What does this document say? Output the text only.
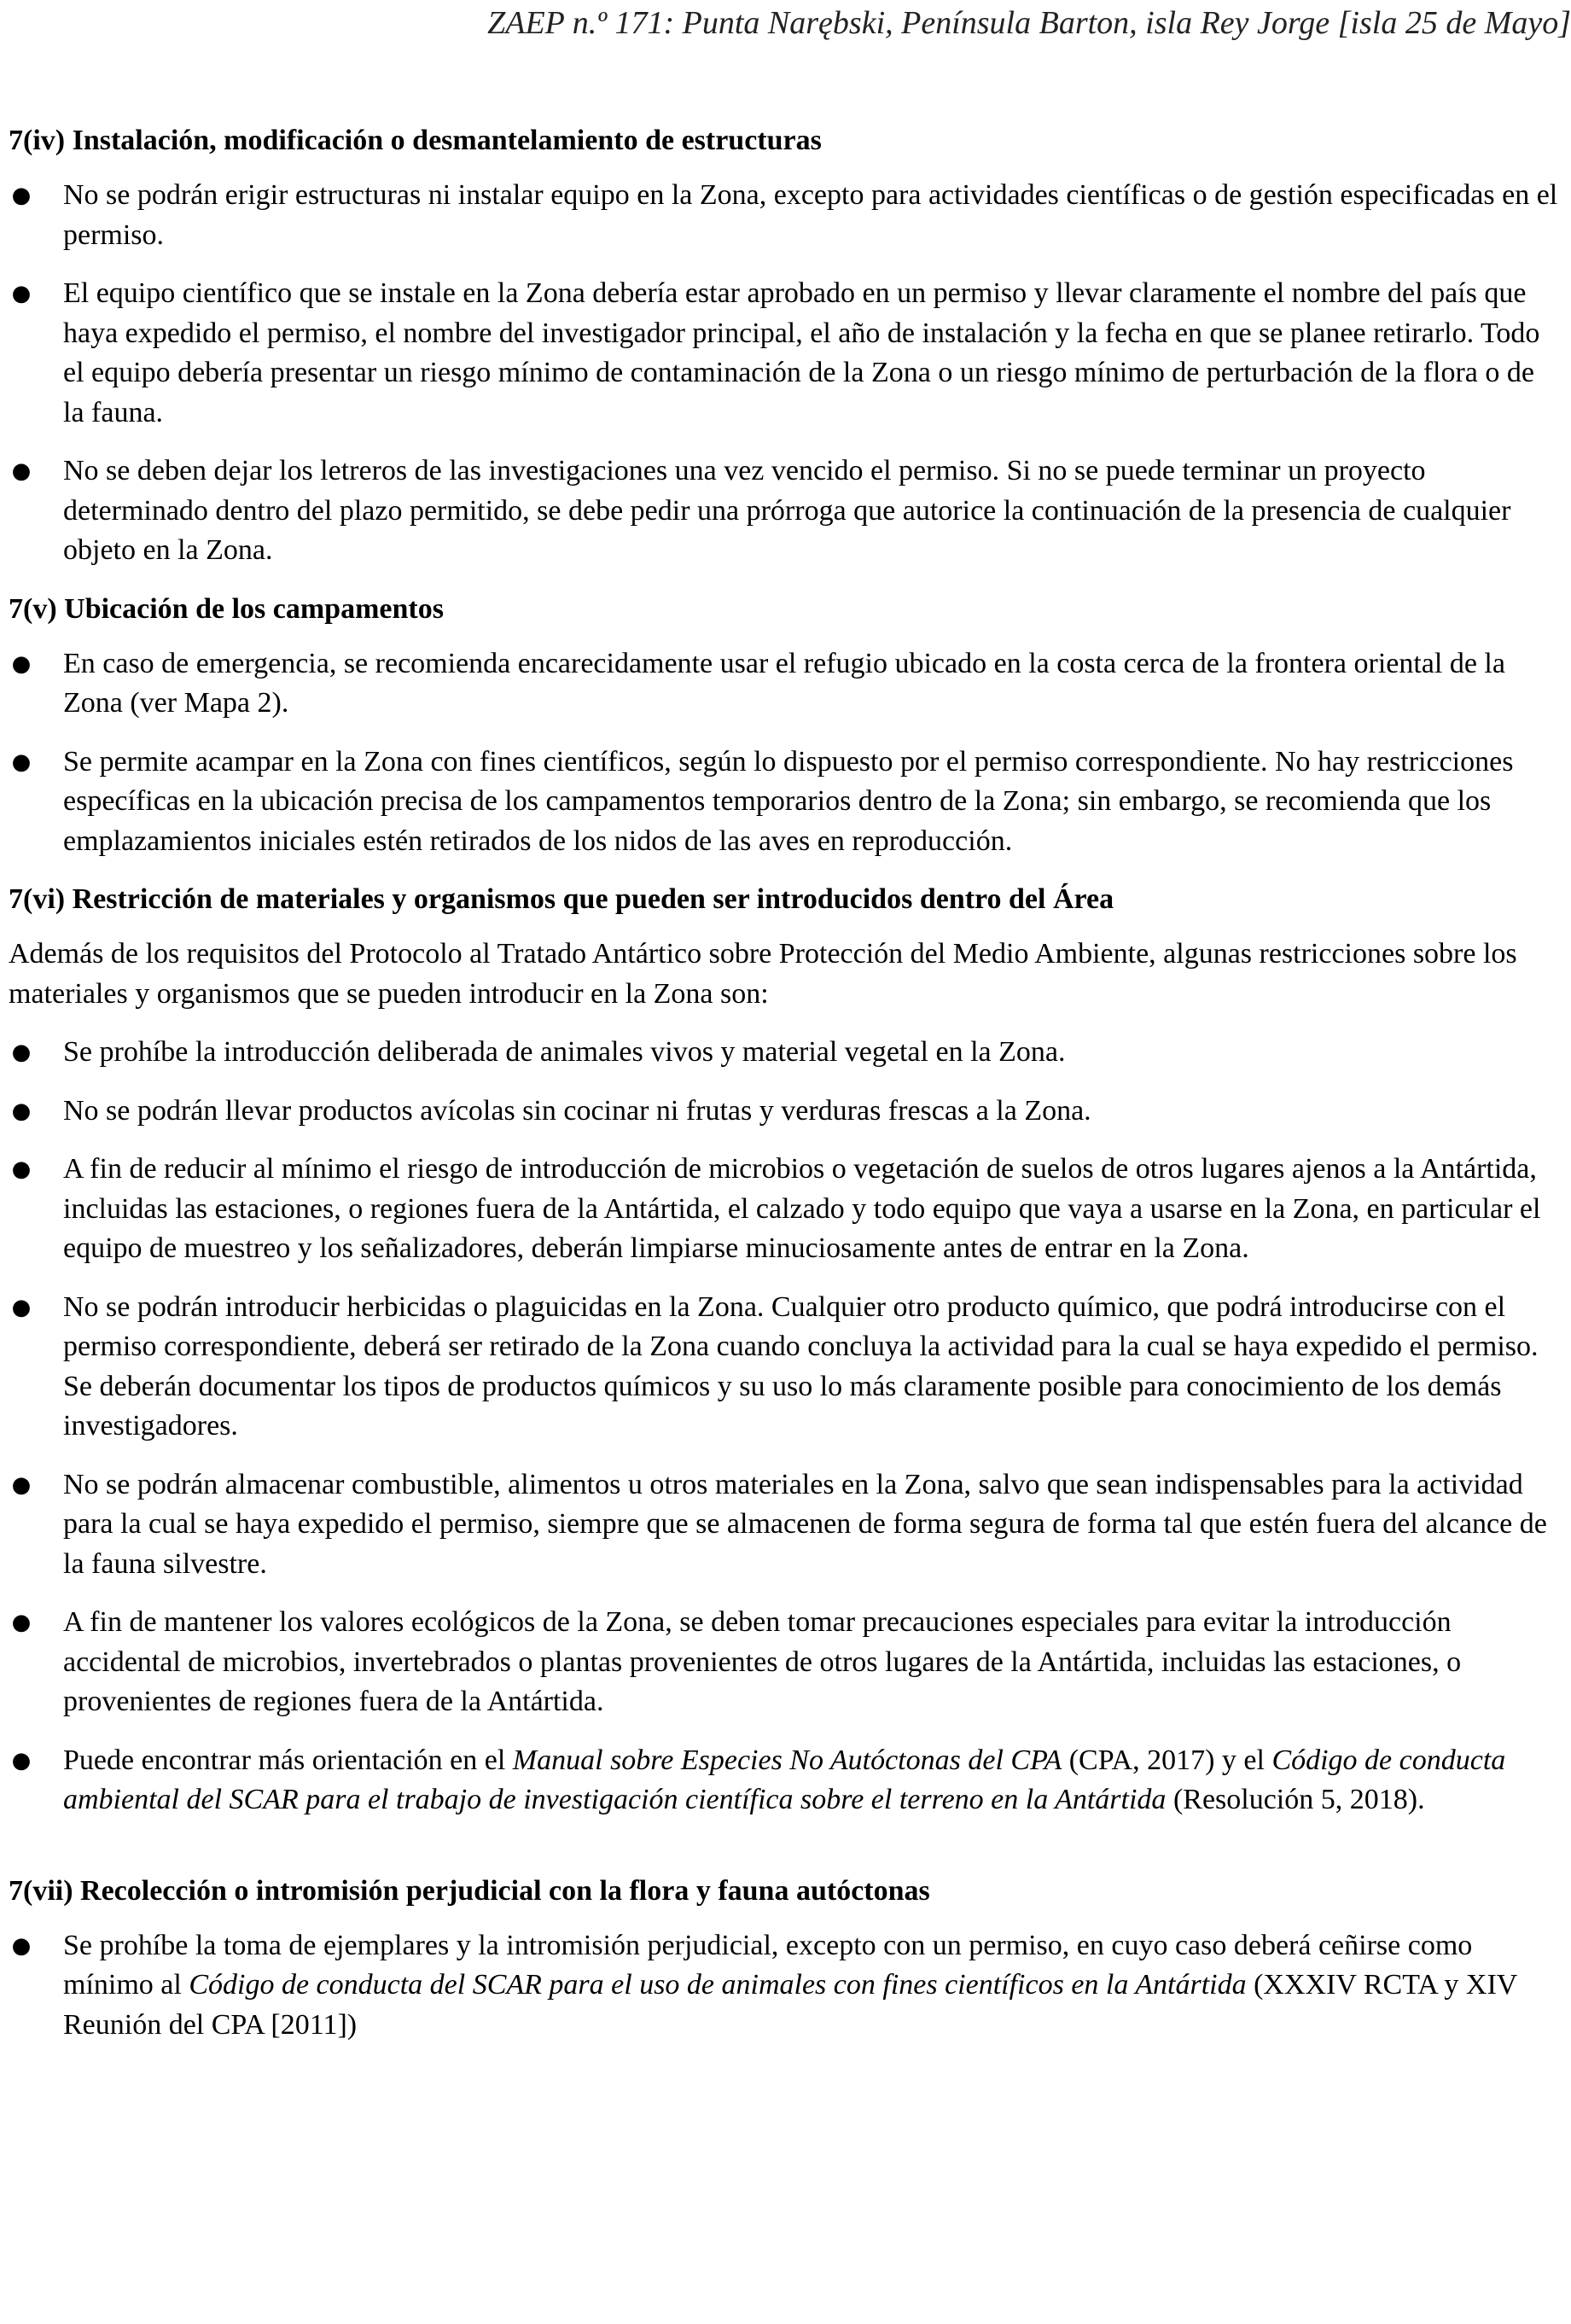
ZAEP n.º 171: Punta Narębski, Península Barton, isla Rey Jorge [isla 25 de Mayo]
7(iv) Instalación, modificación o desmantelamiento de estructuras
● No se podrán erigir estructuras ni instalar equipo en la Zona, excepto para actividades científicas o de gestión especificadas en el permiso.
● El equipo científico que se instale en la Zona debería estar aprobado en un permiso y llevar claramente el nombre del país que haya expedido el permiso, el nombre del investigador principal, el año de instalación y la fecha en que se planee retirarlo. Todo el equipo debería presentar un riesgo mínimo de contaminación de la Zona o un riesgo mínimo de perturbación de la flora o de la fauna.
● No se deben dejar los letreros de las investigaciones una vez vencido el permiso. Si no se puede terminar un proyecto determinado dentro del plazo permitido, se debe pedir una prórroga que autorice la continuación de la presencia de cualquier objeto en la Zona.
7(v) Ubicación de los campamentos
● En caso de emergencia, se recomienda encarecidamente usar el refugio ubicado en la costa cerca de la frontera oriental de la Zona (ver Mapa 2).
● Se permite acampar en la Zona con fines científicos, según lo dispuesto por el permiso correspondiente. No hay restricciones específicas en la ubicación precisa de los campamentos temporarios dentro de la Zona; sin embargo, se recomienda que los emplazamientos iniciales estén retirados de los nidos de las aves en reproducción.
7(vi) Restricción de materiales y organismos que pueden ser introducidos dentro del Área

Además de los requisitos del Protocolo al Tratado Antártico sobre Protección del Medio Ambiente, algunas restricciones sobre los materiales y organismos que se pueden introducir en la Zona son:

● Se prohíbe la introducción deliberada de animales vivos y material vegetal en la Zona.
● No se podrán llevar productos avícolas sin cocinar ni frutas y verduras frescas a la Zona.
● A fin de reducir al mínimo el riesgo de introducción de microbios o vegetación de suelos de otros lugares ajenos a la Antártida, incluidas las estaciones, o regiones fuera de la Antártida, el calzado y todo equipo que vaya a usarse en la Zona, en particular el equipo de muestreo y los señalizadores, deberán limpiarse minuciosamente antes de entrar en la Zona.
● No se podrán introducir herbicidas o plaguicidas en la Zona. Cualquier otro producto químico, que podrá introducirse con el permiso correspondiente, deberá ser retirado de la Zona cuando concluya la actividad para la cual se haya expedido el permiso. Se deberán documentar los tipos de productos químicos y su uso lo más claramente posible para conocimiento de los demás investigadores.
● No se podrán almacenar combustible, alimentos u otros materiales en la Zona, salvo que sean indispensables para la actividad para la cual se haya expedido el permiso, siempre que se almacenen de forma segura de forma tal que estén fuera del alcance de la fauna silvestre.
● A fin de mantener los valores ecológicos de la Zona, se deben tomar precauciones especiales para evitar la introducción accidental de microbios, invertebrados o plantas provenientes de otros lugares de la Antártida, incluidas las estaciones, o provenientes de regiones fuera de la Antártida.
● Puede encontrar más orientación en el Manual sobre Especies No Autóctonas del CPA (CPA, 2017) y el Código de conducta ambiental del SCAR para el trabajo de investigación científica sobre el terreno en la Antártida (Resolución 5, 2018).
7(vii) Recolección o intromisión perjudicial con la flora y fauna autóctonas
● Se prohíbe la toma de ejemplares y la intromisión perjudicial, excepto con un permiso, en cuyo caso deberá ceñirse como mínimo al Código de conducta del SCAR para el uso de animales con fines científicos en la Antártida (XXXIV RCTA y XIV Reunión del CPA [2011])
